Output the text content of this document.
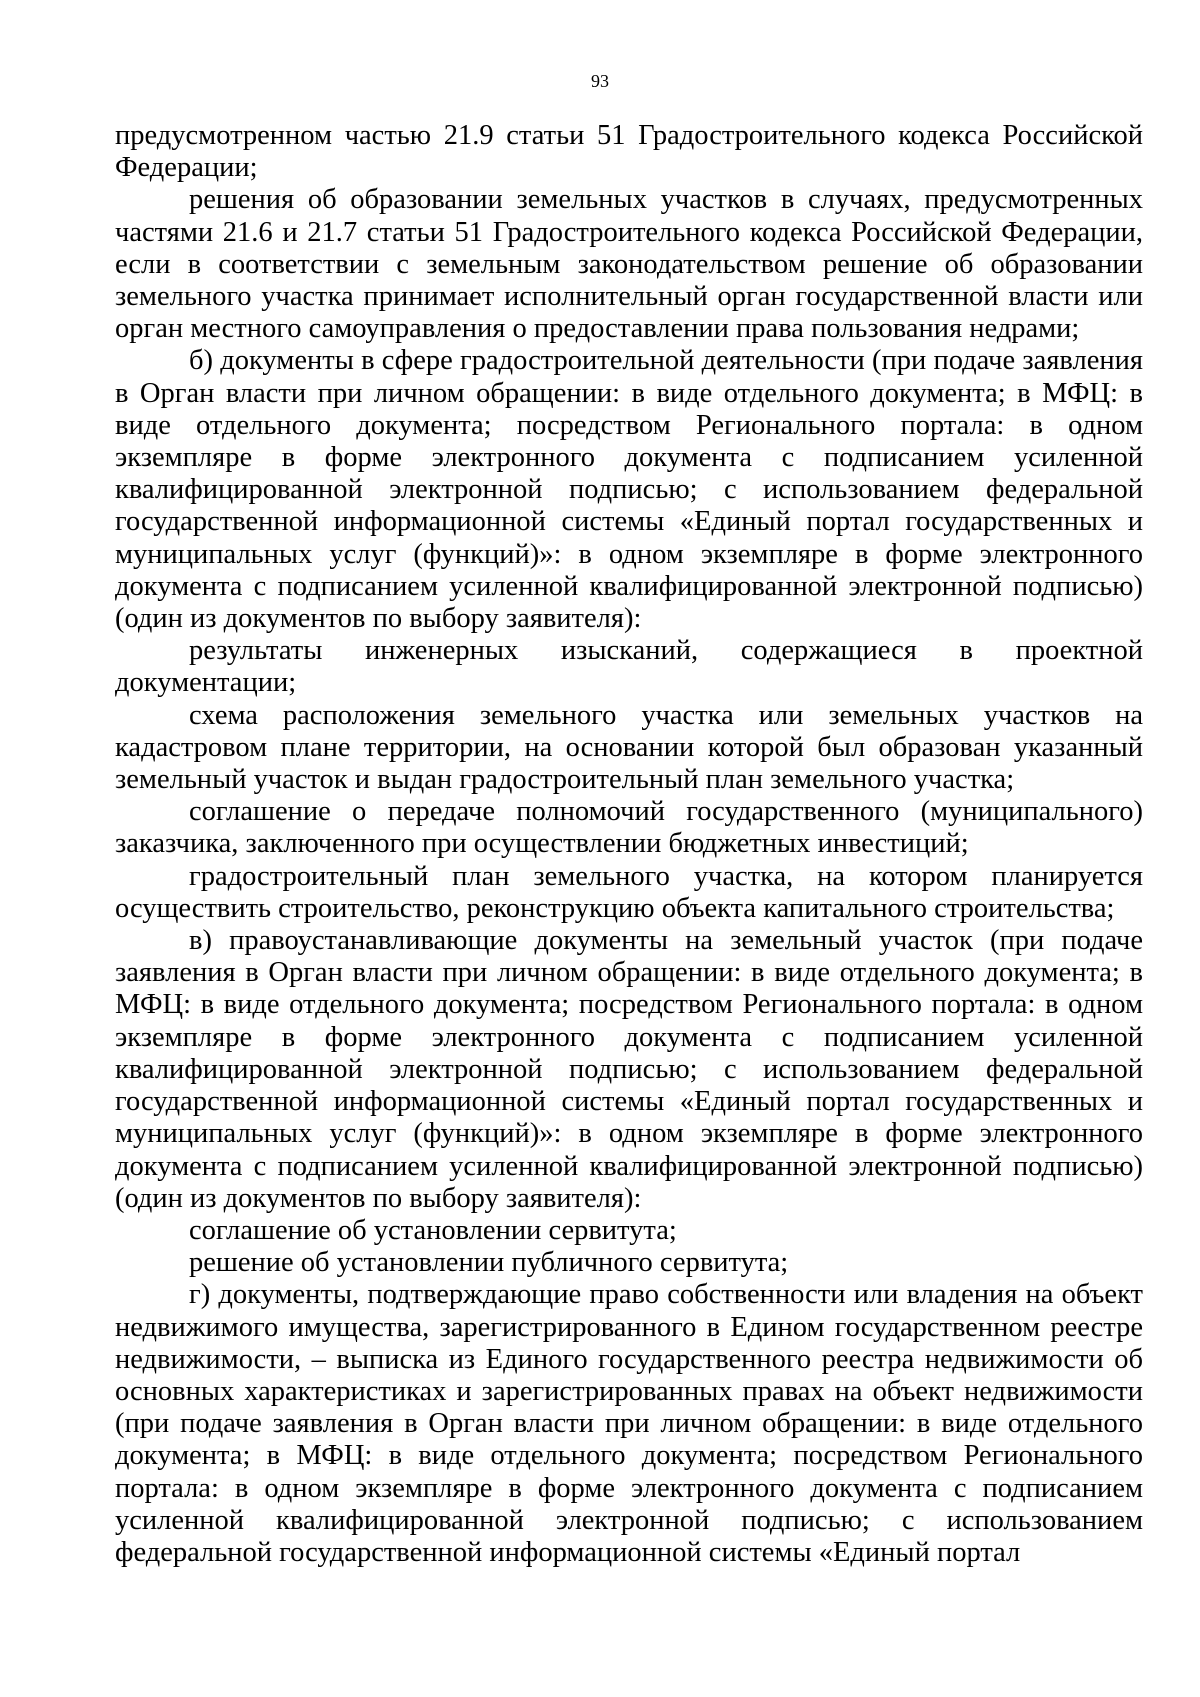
93

предусмотренном частью 21.9 статьи 51 Градостроительного кодекса Российской Федерации;

решения об образовании земельных участков в случаях, предусмотренных частями 21.6 и 21.7 статьи 51 Градостроительного кодекса Российской Федерации, если в соответствии с земельным законодательством решение об образовании земельного участка принимает исполнительный орган государственной власти или орган местного самоуправления о предоставлении права пользования недрами;

б) документы в сфере градостроительной деятельности (при подаче заявления в Орган власти при личном обращении: в виде отдельного документа; в МФЦ: в виде отдельного документа; посредством Регионального портала: в одном экземпляре в форме электронного документа с подписанием усиленной квалифицированной электронной подписью; с использованием федеральной государственной информационной системы «Единый портал государственных и муниципальных услуг (функций)»: в одном экземпляре в форме электронного документа с подписанием усиленной квалифицированной электронной подписью) (один из документов по выбору заявителя):

результаты инженерных изысканий, содержащиеся в проектной документации;

схема расположения земельного участка или земельных участков на кадастровом плане территории, на основании которой был образован указанный земельный участок и выдан градостроительный план земельного участка;

соглашение о передаче полномочий государственного (муниципального) заказчика, заключенного при осуществлении бюджетных инвестиций;

градостроительный план земельного участка, на котором планируется осуществить строительство, реконструкцию объекта капитального строительства;

в) правоустанавливающие документы на земельный участок (при подаче заявления в Орган власти при личном обращении: в виде отдельного документа; в МФЦ: в виде отдельного документа; посредством Регионального портала: в одном экземпляре в форме электронного документа с подписанием усиленной квалифицированной электронной подписью; с использованием федеральной государственной информационной системы «Единый портал государственных и муниципальных услуг (функций)»: в одном экземпляре в форме электронного документа с подписанием усиленной квалифицированной электронной подписью) (один из документов по выбору заявителя):

соглашение об установлении сервитута;

решение об установлении публичного сервитута;

г) документы, подтверждающие право собственности или владения на объект недвижимого имущества, зарегистрированного в Едином государственном реестре недвижимости, – выписка из Единого государственного реестра недвижимости об основных характеристиках и зарегистрированных правах на объект недвижимости (при подаче заявления в Орган власти при личном обращении: в виде отдельного документа; в МФЦ: в виде отдельного документа; посредством Регионального портала: в одном экземпляре в форме электронного документа с подписанием усиленной квалифицированной электронной подписью; с использованием федеральной государственной информационной системы «Единый портал
